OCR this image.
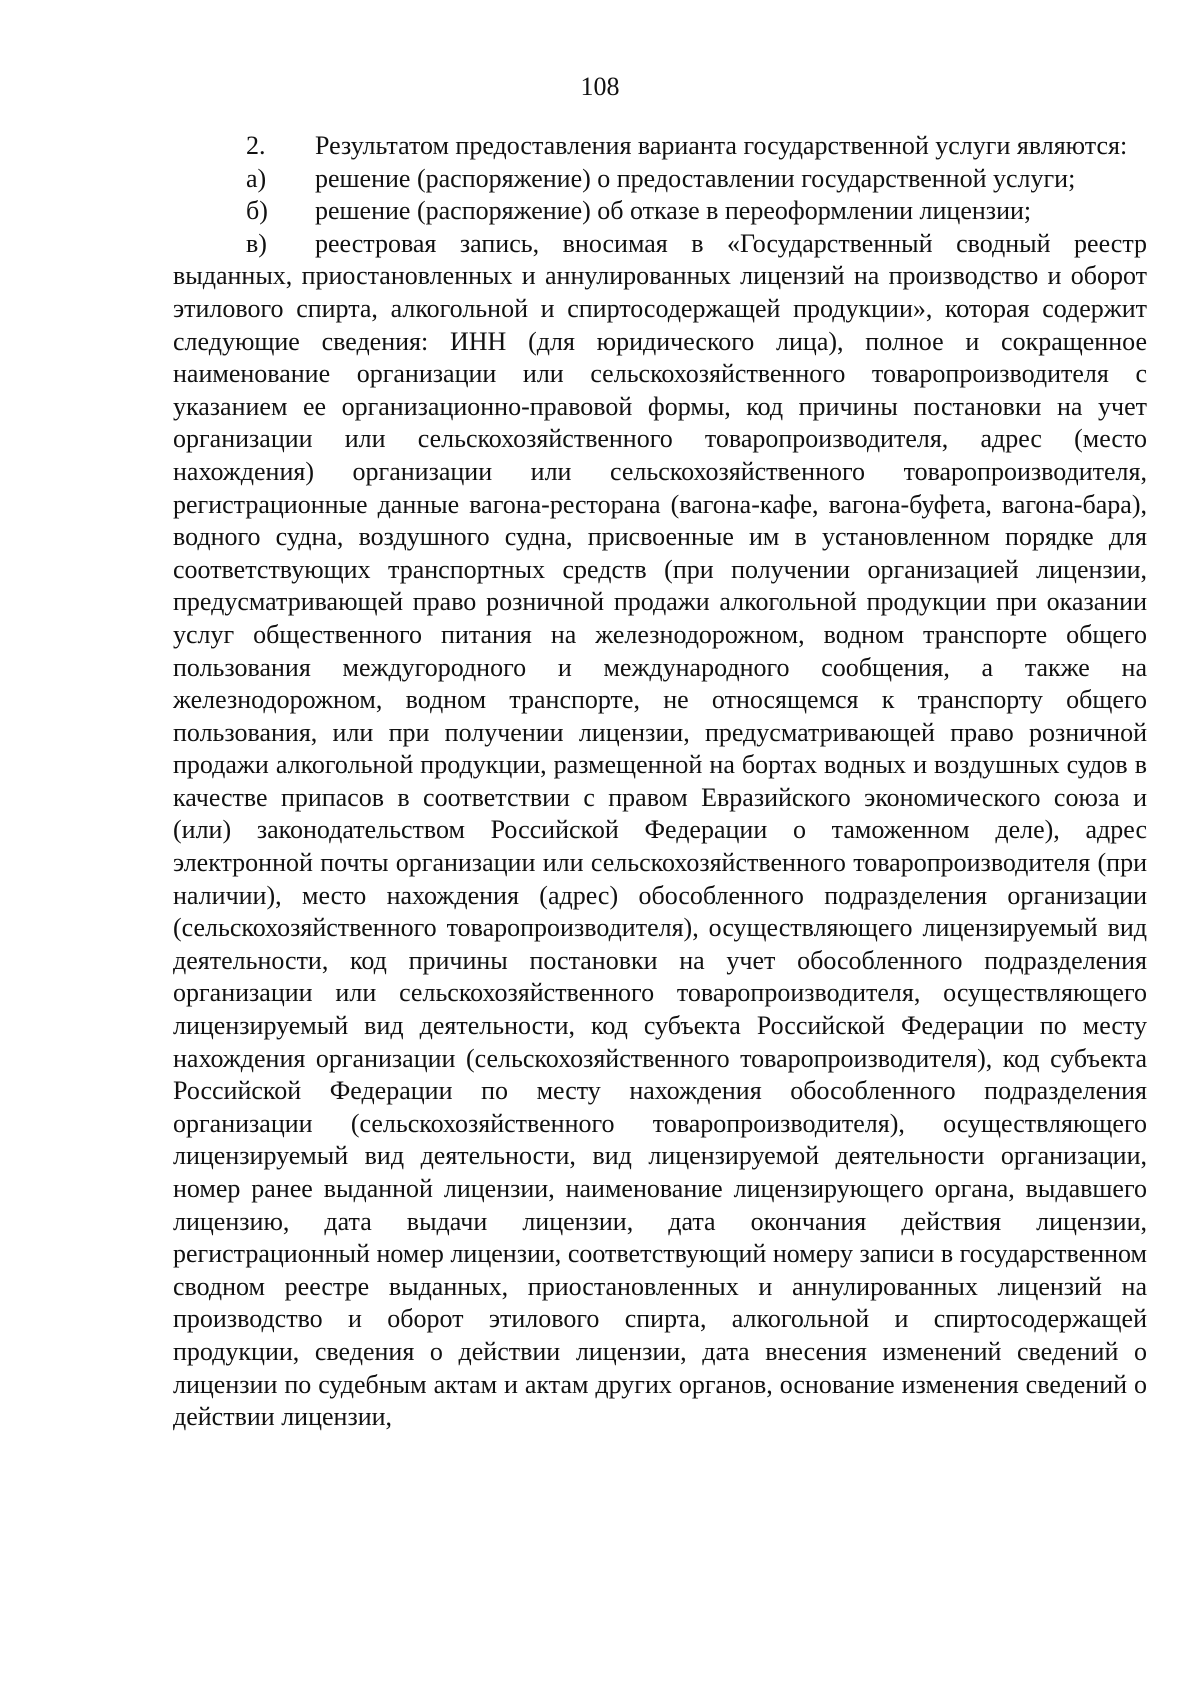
108

2. Результатом предоставления варианта государственной услуги являются:

а)	решение (распоряжение) о предоставлении государственной услуги;
б)	решение (распоряжение) об отказе в переоформлении лицензии;

в) реестровая запись, вносимая в «Государственный сводный реестр выданных, приостановленных и аннулированных лицензий на производство и оборот этилового спирта, алкогольной и спиртосодержащей продукции», которая содержит следующие сведения: ИНН (для юридического лица), полное и сокращенное наименование организации или сельскохозяйственного товаропроизводителя с указанием ее организационно-правовой формы, код причины постановки на учет организации или сельскохозяйственного товаропроизводителя, адрес (место нахождения) организации или сельскохозяйственного товаропроизводителя, регистрационные данные вагона-ресторана (вагона-кафе, вагона-буфета, вагона-бара), водного судна, воздушного судна, присвоенные им в установленном порядке для соответствующих транспортных средств (при получении организацией лицензии, предусматривающей право розничной продажи алкогольной продукции при оказании услуг общественного питания на железнодорожном, водном транспорте общего пользования междугородного и международного сообщения, а также на железнодорожном, водном транспорте, не относящемся к транспорту общего пользования, или при получении лицензии, предусматривающей право розничной продажи алкогольной продукции, размещенной на бортах водных и воздушных судов в качестве припасов в соответствии с правом Евразийского экономического союза и (или) законодательством Российской Федерации о таможенном деле), адрес электронной почты организации или сельскохозяйственного товаропроизводителя (при наличии), место нахождения (адрес) обособленного подразделения организации (сельскохозяйственного товаропроизводителя), осуществляющего лицензируемый вид деятельности, код причины постановки на учет обособленного подразделения организации или сельскохозяйственного товаропроизводителя, осуществляющего лицензируемый вид деятельности, код субъекта Российской Федерации по месту нахождения организации (сельскохозяйственного товаропроизводителя), код субъекта Российской Федерации по месту нахождения обособленного подразделения организации (сельскохозяйственного товаропроизводителя), осуществляющего лицензируемый вид деятельности, вид лицензируемой деятельности организации, номер ранее выданной лицензии, наименование лицензирующего органа, выдавшего лицензию, дата выдачи лицензии, дата окончания действия лицензии, регистрационный номер лицензии, соответствующий номеру записи в государственном сводном реестре выданных, приостановленных и аннулированных лицензий на производство и оборот этилового спирта, алкогольной и спиртосодержащей продукции, сведения о действии лицензии, дата внесения изменений сведений о лицензии по судебным актам и актам других органов, основание изменения сведений о действии лицензии,
